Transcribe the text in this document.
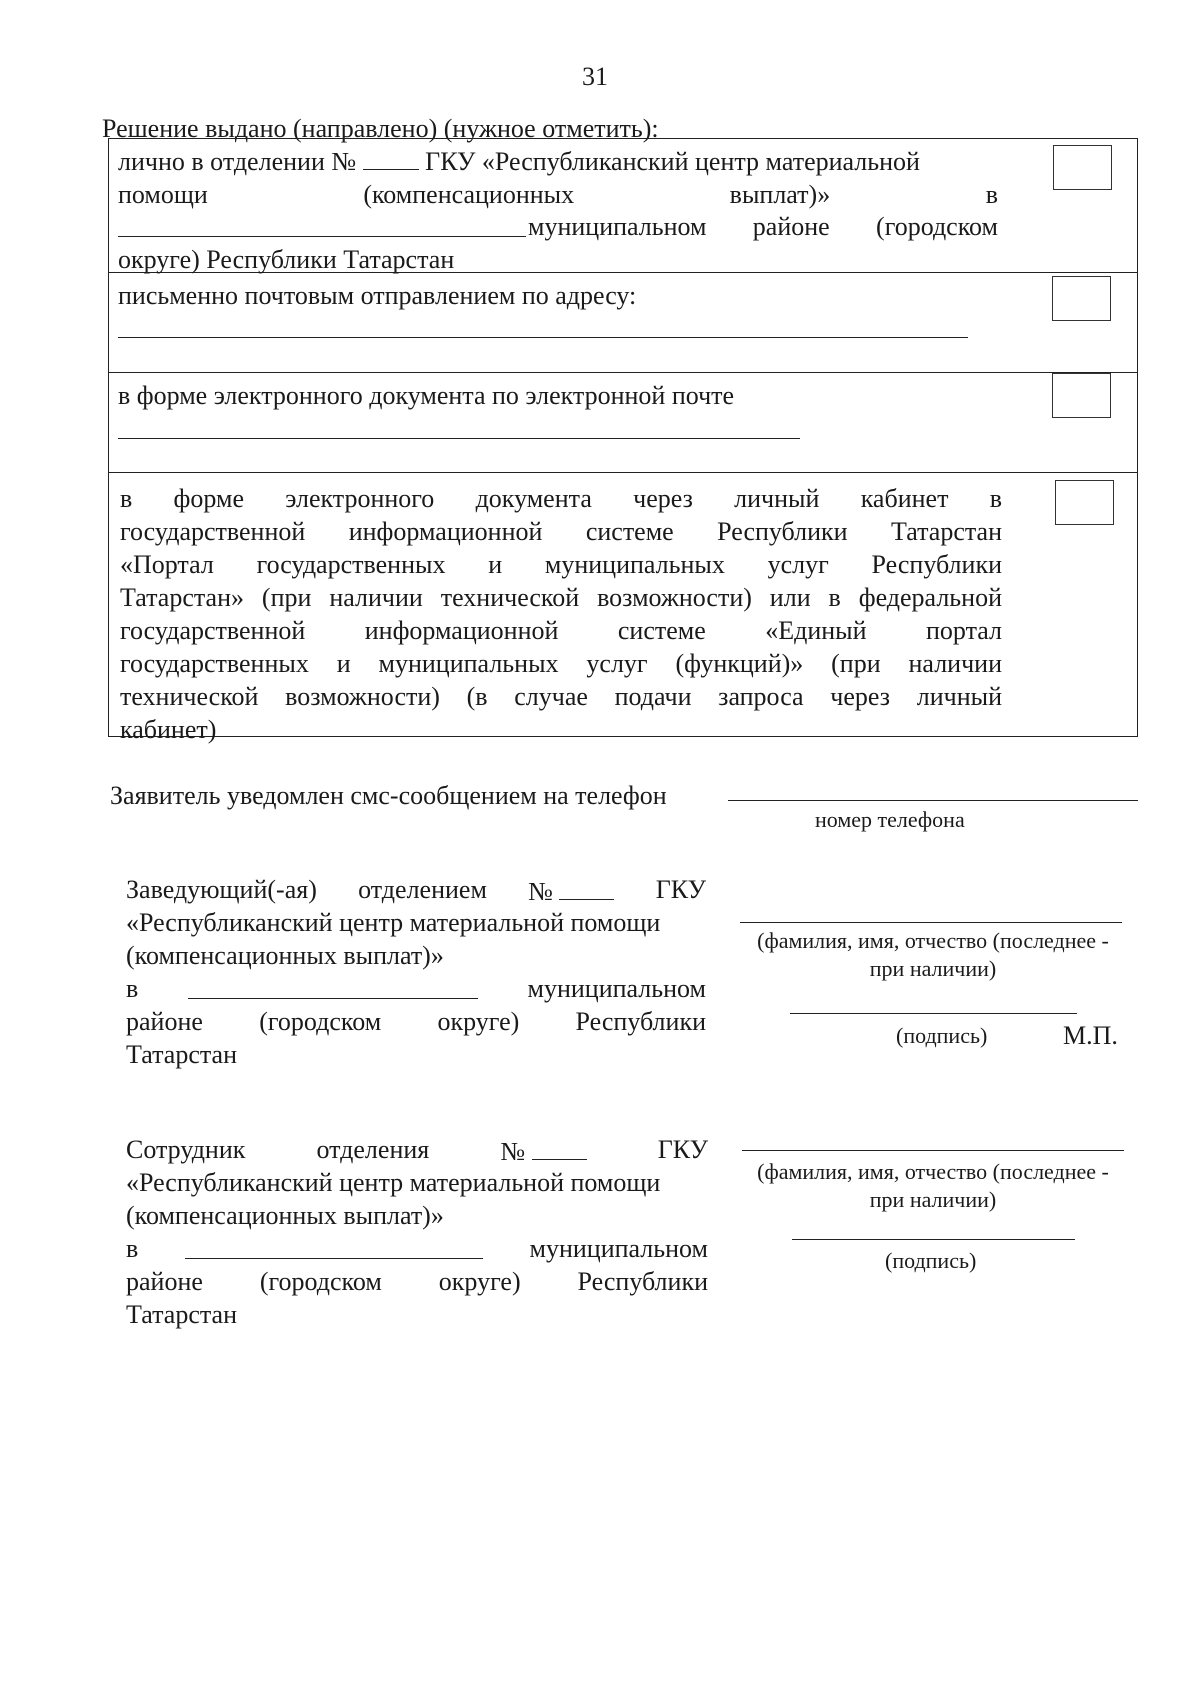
31
Решение выдано (направлено) (нужное отметить):
лично в отделении №	ГКУ «Республиканский центр материальной
помощи	(компенсационных	выплат)»	в
муниципальном районе (городском
округе) Республики Татарстан
письменно почтовым отправлением по адресу:
в форме электронного документа по электронной почте
в форме электронного документа через личный кабинет в
государственной информационной системе Республики Татарстан
«Портал государственных и муниципальных услуг Республики
Татарстан» (при наличии технической возможности) или в федеральной
государственной информационной системе «Единый портал
государственных и муниципальных услуг (функций)» (при наличии
технической возможности) (в случае подачи запроса через личный
кабинет)
Заявитель уведомлен смс-сообщением на телефон
номер телефона
Заведующий(-ая) отделением №	ГКУ
«Республиканский центр материальной помощи
(компенсационных выплат)»
в	муниципальном
районе (городском округе) Республики
Татарстан
(фамилия, имя, отчество (последнее -
при наличии)
(подпись)	М.П.
Сотрудник	отделения	№	ГКУ
«Республиканский центр материальной помощи
(компенсационных выплат)»
в	муниципальном
районе (городском округе) Республики
Татарстан
(фамилия, имя, отчество (последнее -
при наличии)
(подпись)
